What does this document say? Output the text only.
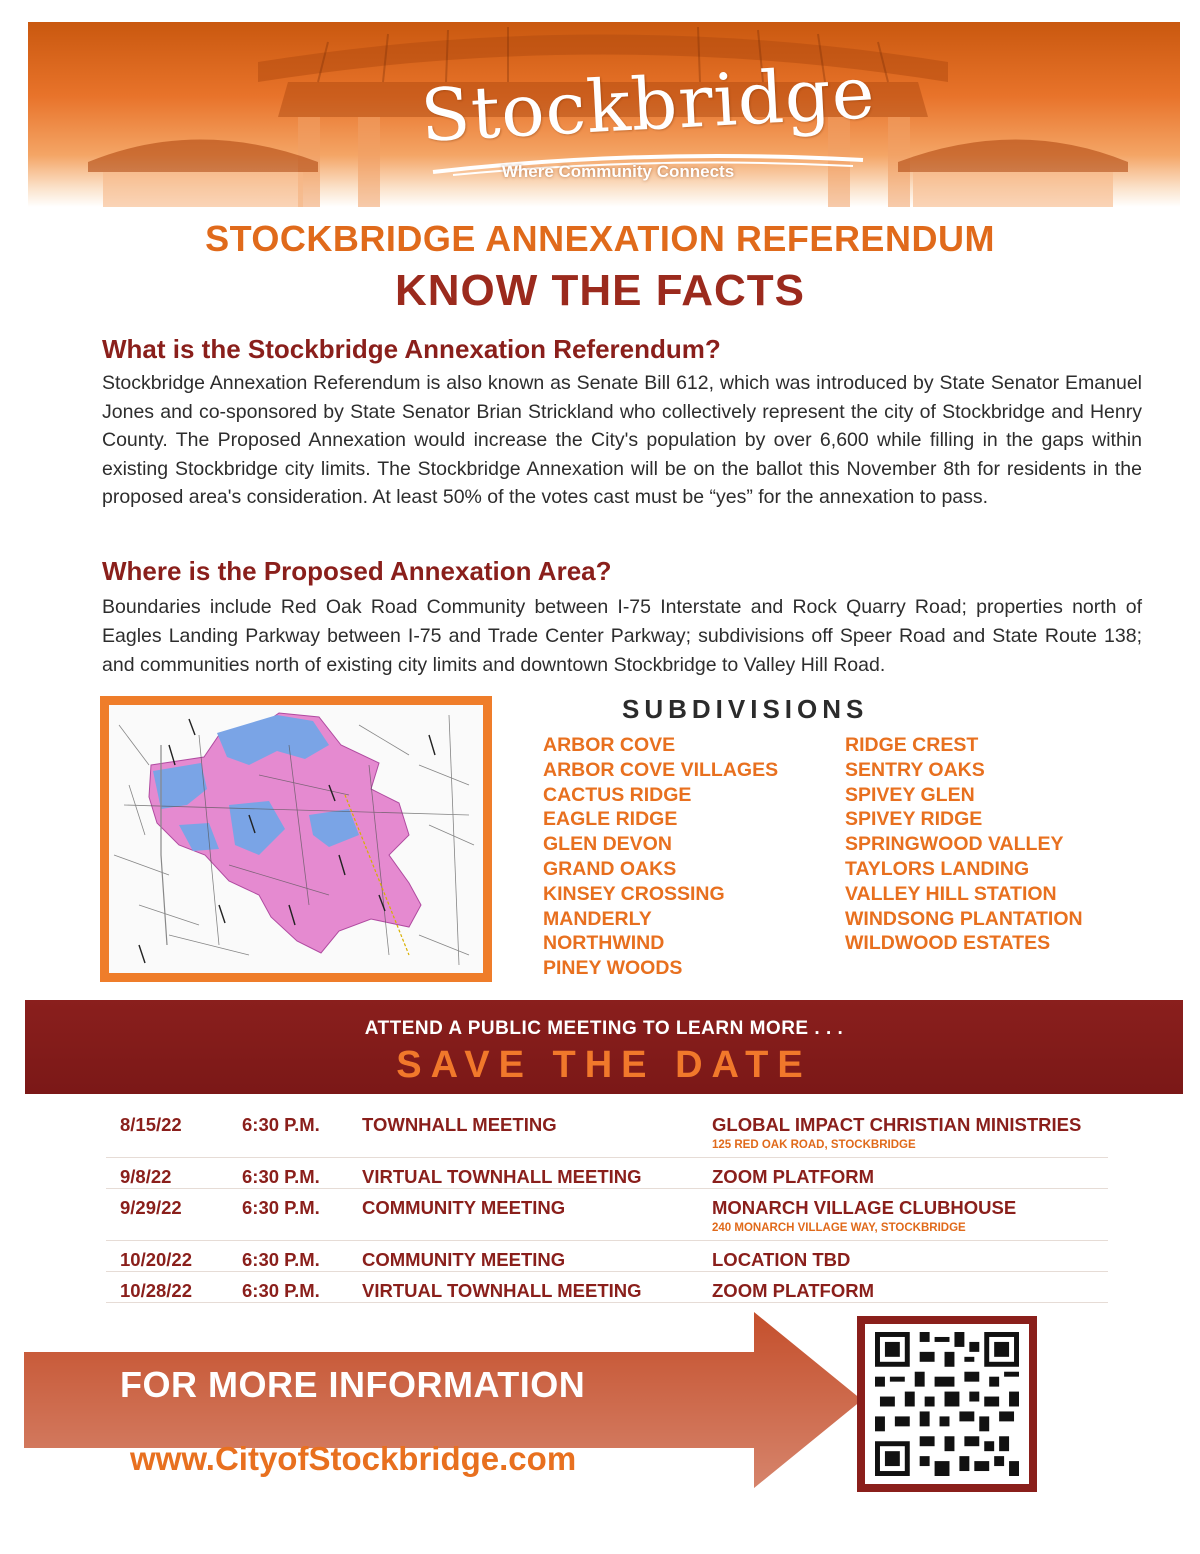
Stockbridge
Where Community Connects
STOCKBRIDGE ANNEXATION REFERENDUM
KNOW THE FACTS
What is the Stockbridge Annexation Referendum?

Stockbridge Annexation Referendum is also known as Senate Bill 612, which was introduced by State Senator Emanuel Jones and co-sponsored by State Senator Brian Strickland who collectively represent the city of Stockbridge and Henry County. The Proposed Annexation would increase the City's population by over 6,600 while filling in the gaps within existing Stockbridge city limits. The Stockbridge Annexation will be on the ballot this November 8th for residents in the proposed area's consideration. At least 50% of the votes cast must be “yes” for the annexation to pass.

Where is the Proposed Annexation Area?

Boundaries include Red Oak Road Community between I-75 Interstate and Rock Quarry Road; properties north of Eagles Landing Parkway between I-75 and Trade Center Parkway; subdivisions off Speer Road and State Route 138; and communities north of existing city limits and downtown Stockbridge to Valley Hill Road.

SUBDIVISIONS
ARBOR COVE
ARBOR COVE VILLAGES
CACTUS RIDGE
EAGLE RIDGE
GLEN DEVON
GRAND OAKS
KINSEY CROSSING
MANDERLY
NORTHWIND
PINEY WOODS
RIDGE CREST
SENTRY OAKS
SPIVEY GLEN
SPIVEY RIDGE
SPRINGWOOD VALLEY
TAYLORS LANDING
VALLEY HILL STATION
WINDSONG PLANTATION
WILDWOOD ESTATES
ATTEND A PUBLIC MEETING TO LEARN MORE . . .
SAVE THE DATE
8/15/22	6:30 P.M. TOWNHALL MEETING	GLOBAL IMPACT CHRISTIAN MINISTRIES
125 RED OAK ROAD, STOCKBRIDGE
9/8/22	6:30 P.M. VIRTUAL TOWNHALL MEETING	ZOOM PLATFORM
9/29/22	6:30 P.M. COMMUNITY MEETING	MONARCH VILLAGE CLUBHOUSE
240 MONARCH VILLAGE WAY, STOCKBRIDGE
10/20/22	6:30 P.M. COMMUNITY MEETING	LOCATION TBD
10/28/22	6:30 P.M. VIRTUAL TOWNHALL MEETING	ZOOM PLATFORM
FOR MORE INFORMATION
www.CityofStockbridge.com
